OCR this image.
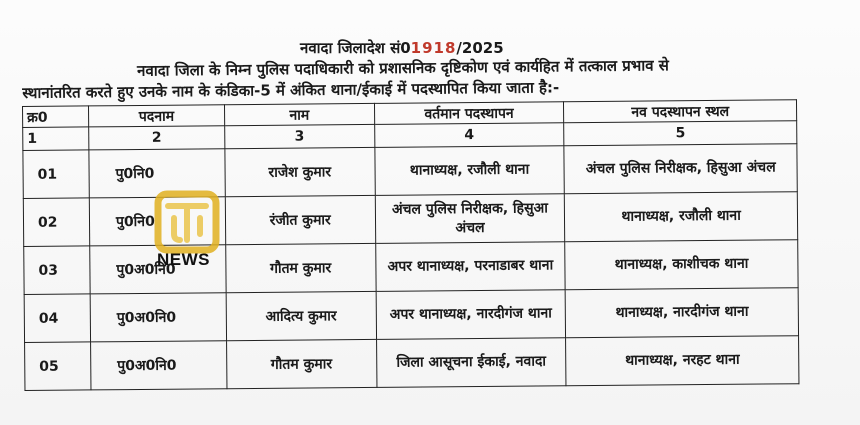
नवादा जिलादेश सं01918/2025
नवादा जिला के निम्न पुलिस पदाधिकारी को प्रशासनिक दृष्टिकोण एवं कार्यहित में तत्काल प्रभाव से
स्थानांतरित करते हुए उनके नाम के कंडिका-5 में अंकित थाना/ईकाई में पदस्थापित किया जाता है:-
क्र0	पदनाम	नाम	वर्तमान पदस्थापन	नव पदस्थापन स्थल
1	2	3	4	5
01	पु0नि0	राजेश कुमार	थानाध्यक्ष, रजौली थाना	अंचल पुलिस निरीक्षक, हिसुआ अंचल
02	पु0नि0	रंजीत कुमार	अंचल पुलिस निरीक्षक, हिसुआ अंचल	थानाध्यक्ष, रजौली थाना
03	पु0अ0नि0	गौतम कुमार	अपर थानाध्यक्ष, परनाडाबर थाना	थानाध्यक्ष, काशीचक थाना
04	पु0अ0नि0	आदित्य कुमार	अपर थानाध्यक्ष, नारदीगंज थाना	थानाध्यक्ष, नारदीगंज थाना
05	पु0अ0नि0	गौतम कुमार	जिला आसूचना ईकाई, नवादा	थानाध्यक्ष, नरहट थाना
NEWS
